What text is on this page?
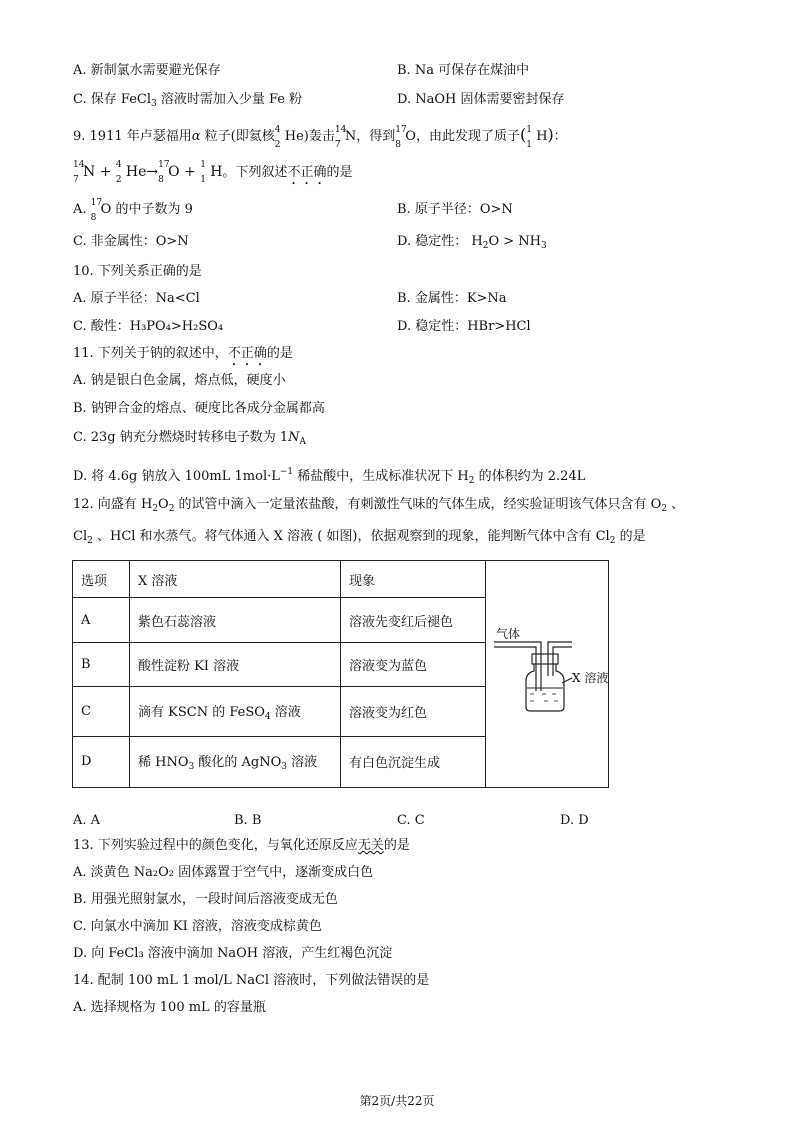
A. 新制氯水需要避光保存	B. Na 可保存在煤油中
C. 保存 FeCl$_3$ 溶液时需加入少量 Fe 粉	D. NaOH 固体需要密封保存
9. 1911 年卢瑟福用α 粒子(即氦核 4
2
He)轰击 14
7
N，得到 17
8
O，由此发现了质子( 1
1
H)：
14
7 N + 4
2 He→ 17
8 O + 1
1 H。下列叙述不正确的是
A. 17
8
O 的中子数为 9	B. 原子半径：O>N
C. 非金属性：O>N	D. 稳定性： $H_2O > NH_3$
10. 下列关系正确的是
A. 原子半径：Na<Cl	B. 金属性：K>Na
C. 酸性：H₃PO₄>H₂SO₄	D. 稳定性：HBr>HCl
11. 下列关于钠的叙述中，不正确的是
A. 钠是银白色金属，熔点低，硬度小
B. 钠钾合金的熔点、硬度比各成分金属都高
C. 23g 钠充分燃烧时转移电子数为 $1N_A$
D. 将 4.6g 钠放入 100mL $1mol\cdot L^{-1}$ 稀盐酸中，生成标准状况下 $H_2$ 的体积约为 2.24L
12. 向盛有 $H_2O_2$ 的试管中滴入一定量浓盐酸，有刺激性气味的气体生成，经实验证明该气体只含有 $O_2$ 、
$Cl_2$ 、HCl 和水蒸气。将气体通入 X 溶液 ( 如图)，依据观察到的现象，能判断气体中含有 $Cl_2$ 的是
选项	X 溶液	现象	气体
X 溶液

A	紫色石蕊溶液	溶液先变红后褪色	
B	酸性淀粉 KI 溶液	溶液变为蓝色	
C	滴有 KSCN 的 FeSO$_4$ 溶液	溶液变为红色	
D	稀 $HNO_3$ 酸化的 AgNO$_3$ 溶液	有白色沉淀生成	
A. A	B. B	C. C	D. D
13. 下列实验过程中的颜色变化，与氧化还原反应无关的是
A. 淡黄色 Na₂O₂ 固体露置于空气中，逐渐变成白色
B. 用强光照射氯水，一段时间后溶液变成无色
C. 向氯水中滴加 KI 溶液，溶液变成棕黄色
D. 向 FeCl₃ 溶液中滴加 NaOH 溶液，产生红褐色沉淀
14. 配制 100 mL 1 mol/L NaCl 溶液时，下列做法错误的是
A. 选择规格为 100 mL 的容量瓶
第2页/共22页
